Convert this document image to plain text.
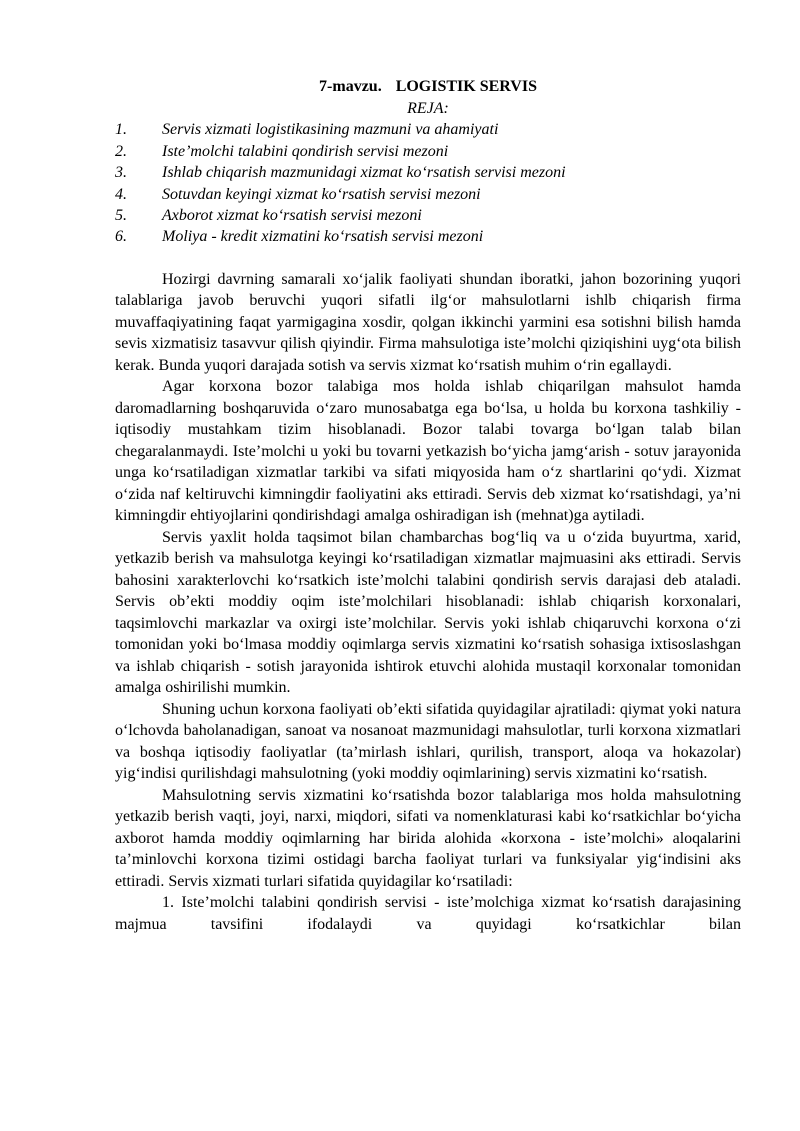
7-mavzu. LOGISTIK SERVIS

REJA:

1. Servis xizmati logistikasining mazmuni va ahamiyati
2. Iste’molchi talabini qondirish servisi mezoni
3. Ishlab chiqarish mazmunidagi xizmat ko‘rsatish servisi mezoni
4. Sotuvdan keyingi xizmat ko‘rsatish servisi mezoni
5. Axborot xizmat ko‘rsatish servisi mezoni
6. Moliya - kredit xizmatini ko‘rsatish servisi mezoni

Hozirgi davrning samarali xo‘jalik faoliyati shundan iboratki, jahon bozorining yuqori talablariga javob beruvchi yuqori sifatli ilg‘or mahsulotlarni ishlb chiqarish firma muvaffaqiyatining faqat yarmigagina xosdir, qolgan ikkinchi yarmini esa sotishni bilish hamda sevis xizmatisiz tasavvur qilish qiyindir. Firma mahsulotiga iste’molchi qiziqishini uyg‘ota bilish kerak. Bunda yuqori darajada sotish va servis xizmat ko‘rsatish muhim o‘rin egallaydi.

Agar korxona bozor talabiga mos holda ishlab chiqarilgan mahsulot hamda daromadlarning boshqaruvida o‘zaro munosabatga ega bo‘lsa, u holda bu korxona tashkiliy - iqtisodiy mustahkam tizim hisoblanadi. Bozor talabi tovarga bo‘lgan talab bilan chegaralanmaydi. Iste’molchi u yoki bu tovarni yetkazish bo‘yicha jamg‘arish - sotuv jarayonida unga ko‘rsatiladigan xizmatlar tarkibi va sifati miqyosida ham o‘z shartlarini qo‘ydi. Xizmat o‘zida naf keltiruvchi kimningdir faoliyatini aks ettiradi. Servis deb xizmat ko‘rsatishdagi, ya’ni kimningdir ehtiyojlarini qondirishdagi amalga oshiradigan ish (mehnat)ga aytiladi.

Servis yaxlit holda taqsimot bilan chambarchas bog‘liq va u o‘zida buyurtma, xarid, yetkazib berish va mahsulotga keyingi ko‘rsatiladigan xizmatlar majmuasini aks ettiradi. Servis bahosini xarakterlovchi ko‘rsatkich iste’molchi talabini qondirish servis darajasi deb ataladi. Servis ob’ekti moddiy oqim iste’molchilari hisoblanadi: ishlab chiqarish korxonalari, taqsimlovchi markazlar va oxirgi iste’molchilar. Servis yoki ishlab chiqaruvchi korxona o‘zi tomonidan yoki bo‘lmasa moddiy oqimlarga servis xizmatini ko‘rsatish sohasiga ixtisoslashgan va ishlab chiqarish - sotish jarayonida ishtirok etuvchi alohida mustaqil korxonalar tomonidan amalga oshirilishi mumkin.

Shuning uchun korxona faoliyati ob’ekti sifatida quyidagilar ajratiladi: qiymat yoki natura o‘lchovda baholanadigan, sanoat va nosanoat mazmunidagi mahsulotlar, turli korxona xizmatlari va boshqa iqtisodiy faoliyatlar (ta’mirlash ishlari, qurilish, transport, aloqa va hokazolar) yig‘indisi qurilishdagi mahsulotning (yoki moddiy oqimlarining) servis xizmatini ko‘rsatish.

Mahsulotning servis xizmatini ko‘rsatishda bozor talablariga mos holda mahsulotning yetkazib berish vaqti, joyi, narxi, miqdori, sifati va nomenklaturasi kabi ko‘rsatkichlar bo‘yicha axborot hamda moddiy oqimlarning har birida alohida «korxona - iste’molchi» aloqalarini ta’minlovchi korxona tizimi ostidagi barcha faoliyat turlari va funksiyalar yig‘indisini aks ettiradi. Servis xizmati turlari sifatida quyidagilar ko‘rsatiladi:

1. Iste’molchi talabini qondirish servisi - iste’molchiga xizmat ko‘rsatish darajasining majmua tavsifini ifodalaydi va quyidagi ko‘rsatkichlar bilan
